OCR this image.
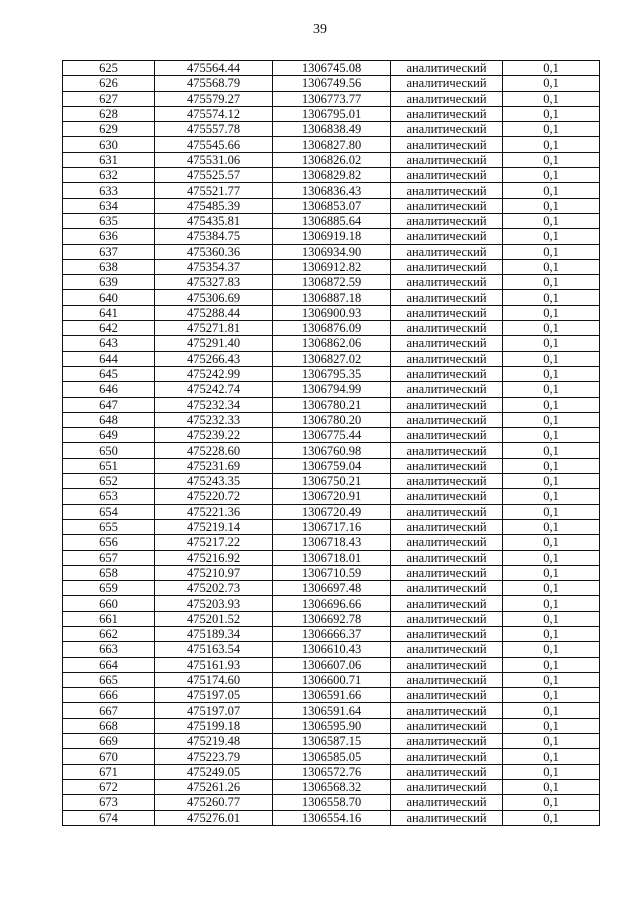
39
625	475564.44	1306745.08	аналитический	0,1
626	475568.79	1306749.56	аналитический	0,1
627	475579.27	1306773.77	аналитический	0,1
628	475574.12	1306795.01	аналитический	0,1
629	475557.78	1306838.49	аналитический	0,1
630	475545.66	1306827.80	аналитический	0,1
631	475531.06	1306826.02	аналитический	0,1
632	475525.57	1306829.82	аналитический	0,1
633	475521.77	1306836.43	аналитический	0,1
634	475485.39	1306853.07	аналитический	0,1
635	475435.81	1306885.64	аналитический	0,1
636	475384.75	1306919.18	аналитический	0,1
637	475360.36	1306934.90	аналитический	0,1
638	475354.37	1306912.82	аналитический	0,1
639	475327.83	1306872.59	аналитический	0,1
640	475306.69	1306887.18	аналитический	0,1
641	475288.44	1306900.93	аналитический	0,1
642	475271.81	1306876.09	аналитический	0,1
643	475291.40	1306862.06	аналитический	0,1
644	475266.43	1306827.02	аналитический	0,1
645	475242.99	1306795.35	аналитический	0,1
646	475242.74	1306794.99	аналитический	0,1
647	475232.34	1306780.21	аналитический	0,1
648	475232.33	1306780.20	аналитический	0,1
649	475239.22	1306775.44	аналитический	0,1
650	475228.60	1306760.98	аналитический	0,1
651	475231.69	1306759.04	аналитический	0,1
652	475243.35	1306750.21	аналитический	0,1
653	475220.72	1306720.91	аналитический	0,1
654	475221.36	1306720.49	аналитический	0,1
655	475219.14	1306717.16	аналитический	0,1
656	475217.22	1306718.43	аналитический	0,1
657	475216.92	1306718.01	аналитический	0,1
658	475210.97	1306710.59	аналитический	0,1
659	475202.73	1306697.48	аналитический	0,1
660	475203.93	1306696.66	аналитический	0,1
661	475201.52	1306692.78	аналитический	0,1
662	475189.34	1306666.37	аналитический	0,1
663	475163.54	1306610.43	аналитический	0,1
664	475161.93	1306607.06	аналитический	0,1
665	475174.60	1306600.71	аналитический	0,1
666	475197.05	1306591.66	аналитический	0,1
667	475197.07	1306591.64	аналитический	0,1
668	475199.18	1306595.90	аналитический	0,1
669	475219.48	1306587.15	аналитический	0,1
670	475223.79	1306585.05	аналитический	0,1
671	475249.05	1306572.76	аналитический	0,1
672	475261.26	1306568.32	аналитический	0,1
673	475260.77	1306558.70	аналитический	0,1
674	475276.01	1306554.16	аналитический	0,1
